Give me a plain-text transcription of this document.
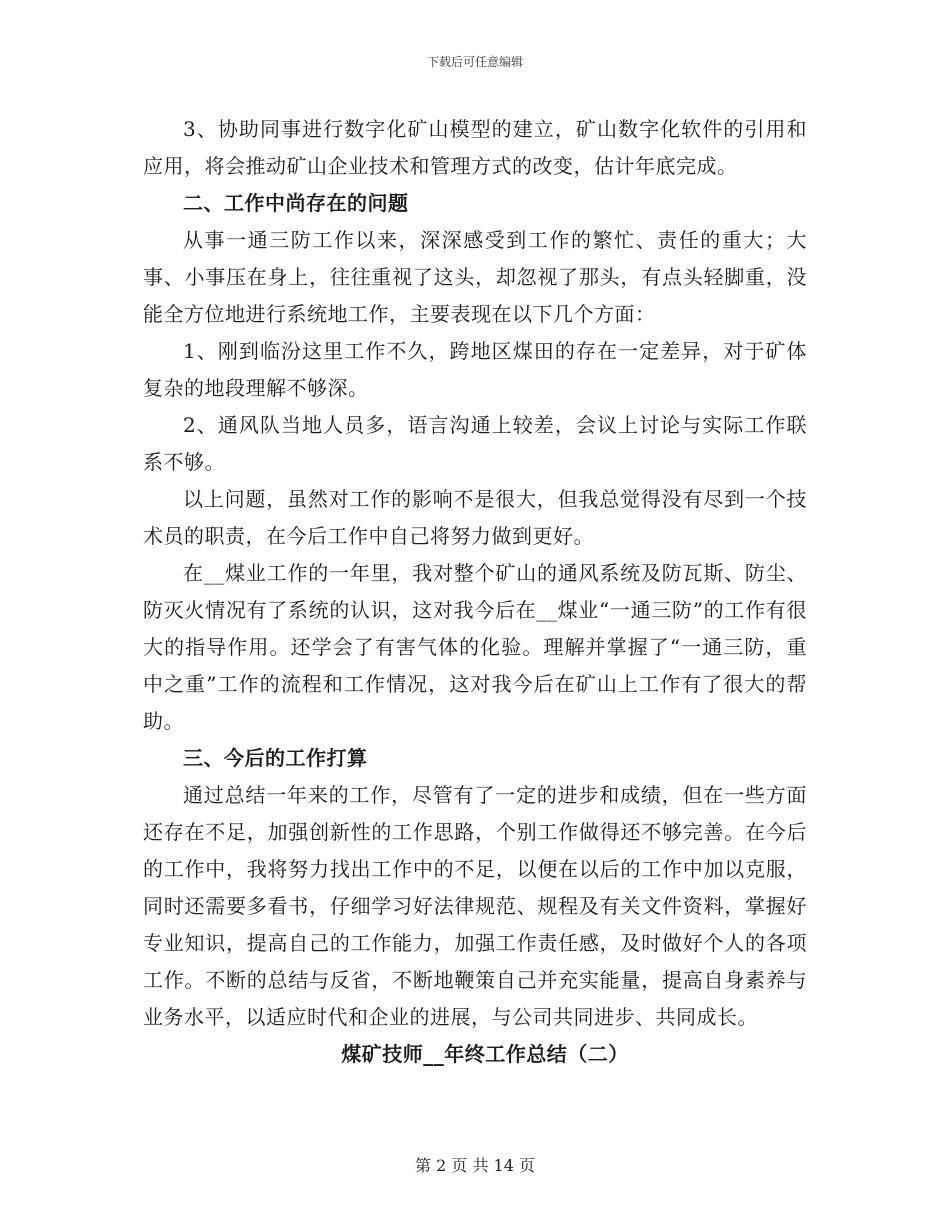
下载后可任意编辑

3、协助同事进行数字化矿山模型的建立，矿山数字化软件的引用和应用，将会推动矿山企业技术和管理方式的改变，估计年底完成。

二、工作中尚存在的问题

从事一通三防工作以来，深深感受到工作的繁忙、责任的重大；大事、小事压在身上，往往重视了这头，却忽视了那头，有点头轻脚重，没能全方位地进行系统地工作，主要表现在以下几个方面：

1、刚到临汾这里工作不久，跨地区煤田的存在一定差异，对于矿体复杂的地段理解不够深。

2、通风队当地人员多，语言沟通上较差，会议上讨论与实际工作联系不够。

以上问题，虽然对工作的影响不是很大，但我总觉得没有尽到一个技术员的职责，在今后工作中自己将努力做到更好。

在__煤业工作的一年里，我对整个矿山的通风系统及防瓦斯、防尘、防灭火情况有了系统的认识，这对我今后在__煤业“一通三防”的工作有很大的指导作用。还学会了有害气体的化验。理解并掌握了“一通三防，重中之重”工作的流程和工作情况，这对我今后在矿山上工作有了很大的帮助。

三、今后的工作打算

通过总结一年来的工作，尽管有了一定的进步和成绩，但在一些方面还存在不足，加强创新性的工作思路，个别工作做得还不够完善。在今后的工作中，我将努力找出工作中的不足，以便在以后的工作中加以克服，同时还需要多看书，仔细学习好法律规范、规程及有关文件资料，掌握好专业知识，提高自己的工作能力，加强工作责任感，及时做好个人的各项工作。不断的总结与反省，不断地鞭策自己并充实能量，提高自身素养与业务水平，以适应时代和企业的进展，与公司共同进步、共同成长。

煤矿技师__年终工作总结（二）
第 2 页 共 14 页
